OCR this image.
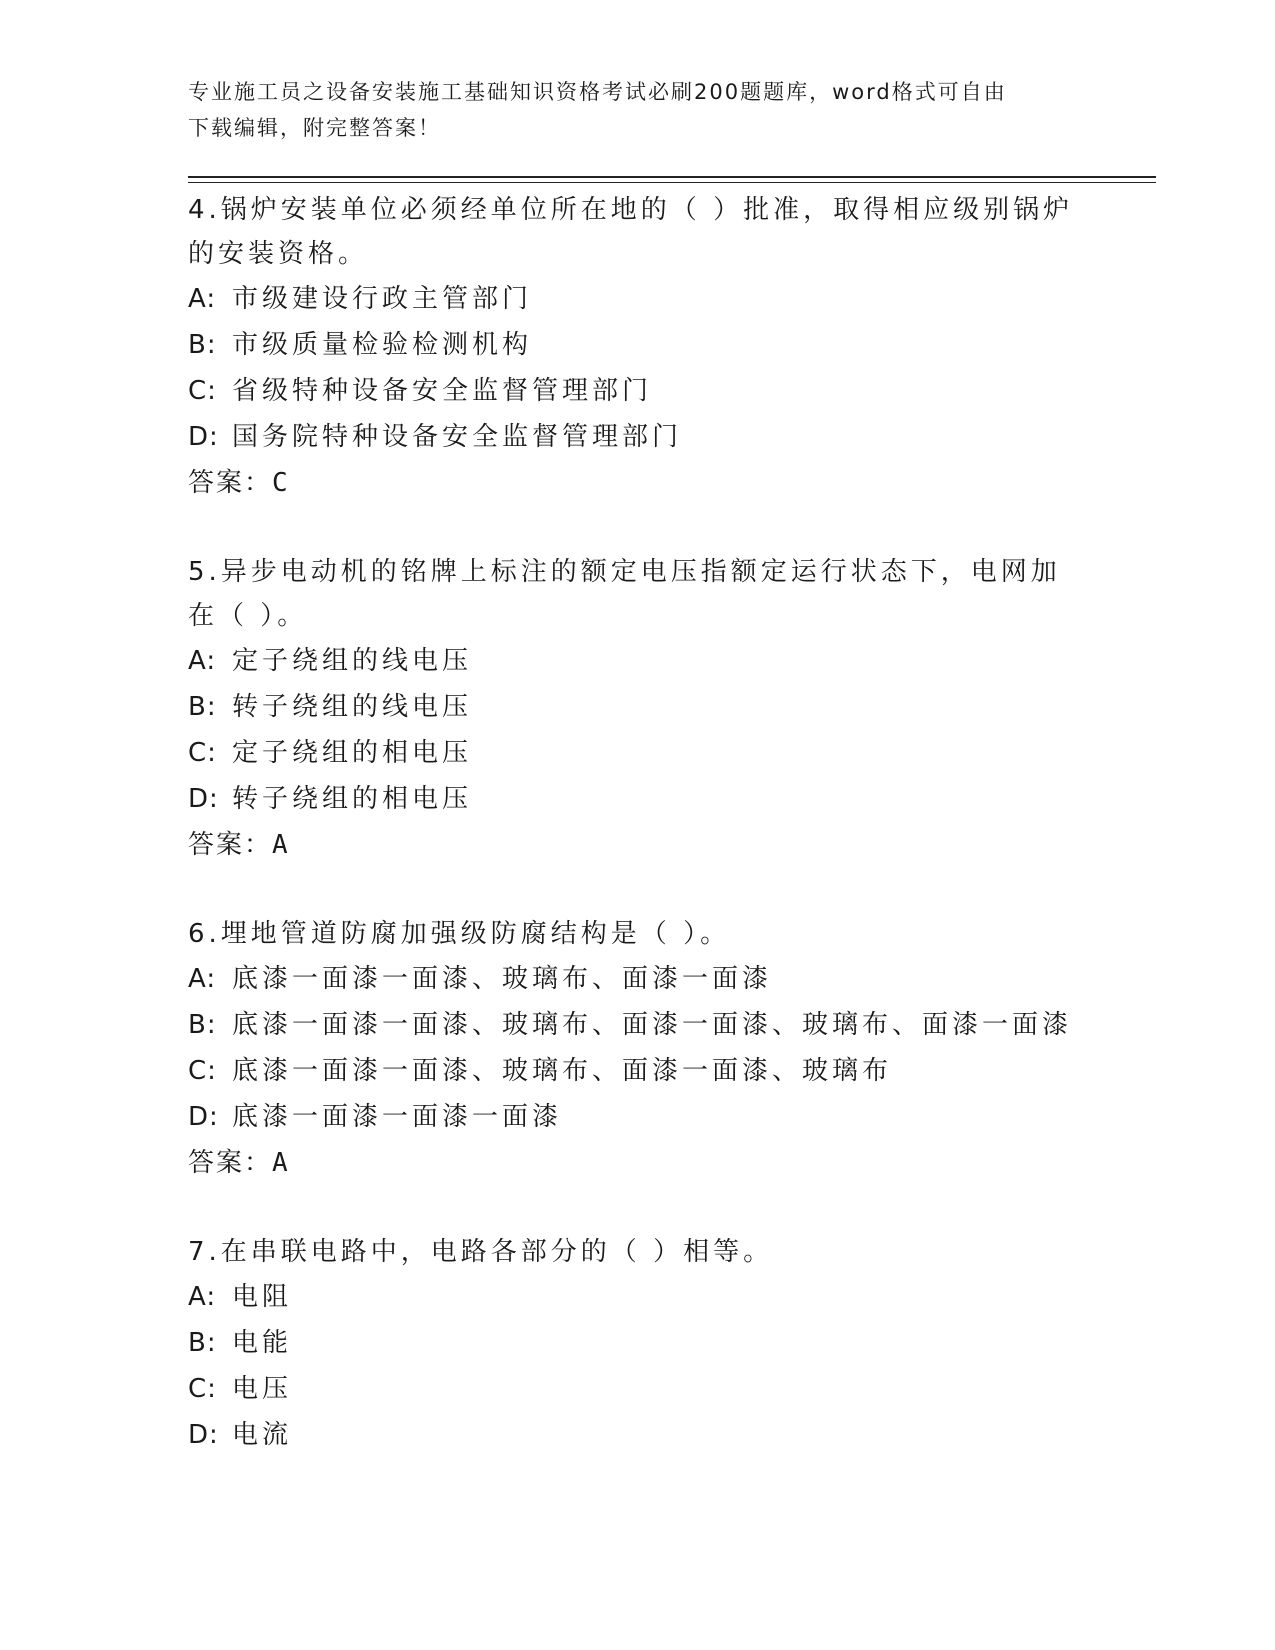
专业施工员之设备安装施工基础知识资格考试必刷200题题库，word格式可自由
下载编辑，附完整答案！

4.锅炉安装单位必须经单位所在地的（ ）批准，取得相应级别锅炉的安装资格。

A: 市级建设行政主管部门
B: 市级质量检验检测机构
C: 省级特种设备安全监督管理部门
D: 国务院特种设备安全监督管理部门

答案：C

5.异步电动机的铭牌上标注的额定电压指额定运行状态下，电网加在（ ）。

A: 定子绕组的线电压
B: 转子绕组的线电压
C: 定子绕组的相电压
D: 转子绕组的相电压

答案：A

6.埋地管道防腐加强级防腐结构是（ ）。

A: 底漆一面漆一面漆、玻璃布、面漆一面漆
B: 底漆一面漆一面漆、玻璃布、面漆一面漆、玻璃布、面漆一面漆
C: 底漆一面漆一面漆、玻璃布、面漆一面漆、玻璃布
D: 底漆一面漆一面漆一面漆

答案：A

7.在串联电路中，电路各部分的（ ）相等。

A: 电阻
B: 电能
C: 电压
D: 电流
